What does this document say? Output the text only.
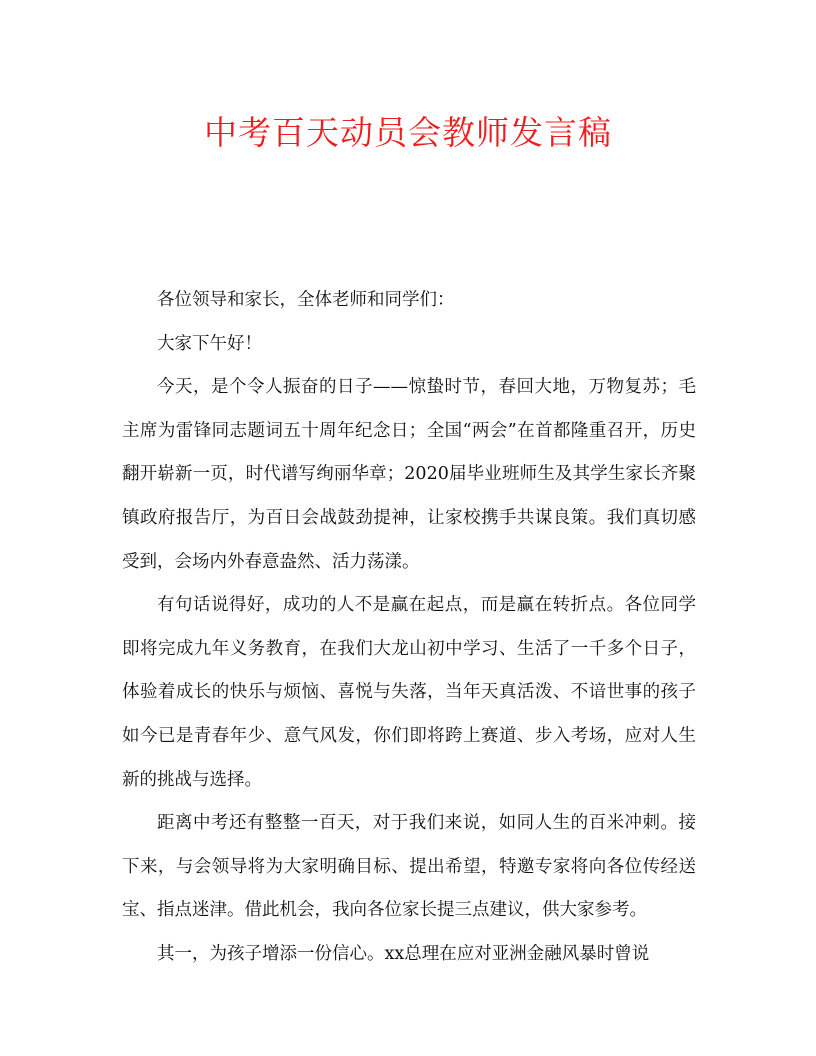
中考百天动员会教师发言稿

各位领导和家长，全体老师和同学们：

大家下午好！

今天，是个令人振奋的日子——惊蛰时节，春回大地，万物复苏；毛主席为雷锋同志题词五十周年纪念日；全国“两会”在首都隆重召开，历史翻开崭新一页，时代谱写绚丽华章；2020届毕业班师生及其学生家长齐聚镇政府报告厅，为百日会战鼓劲提神，让家校携手共谋良策。我们真切感受到，会场内外春意盎然、活力荡漾。

有句话说得好，成功的人不是赢在起点，而是赢在转折点。各位同学即将完成九年义务教育，在我们大龙山初中学习、生活了一千多个日子，体验着成长的快乐与烦恼、喜悦与失落，当年天真活泼、不谙世事的孩子如今已是青春年少、意气风发，你们即将跨上赛道、步入考场，应对人生新的挑战与选择。

距离中考还有整整一百天，对于我们来说，如同人生的百米冲刺。接下来，与会领导将为大家明确目标、提出希望，特邀专家将向各位传经送宝、指点迷津。借此机会，我向各位家长提三点建议，供大家参考。

其一，为孩子增添一份信心。xx总理在应对亚洲金融风暴时曾说
